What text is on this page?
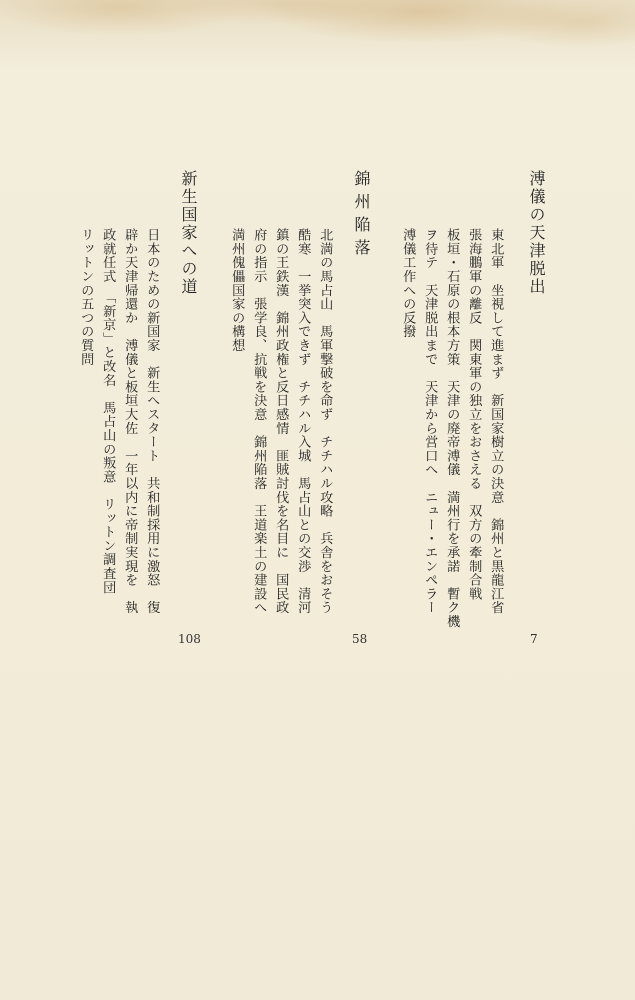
溥儀の天津脱出
東北軍　坐視して進まず　新国家樹立の決意　錦州と黒龍江省
張海鵬軍の離反　関東軍の独立をおさえる　双方の牽制合戦
板垣・石原の根本方策　天津の廃帝溥儀　満州行を承諾　暫ク機
ヲ待テ　天津脱出まで　天津から営口へ　ニュー・エンペラー
溥儀工作への反撥
7
錦州陥落
北満の馬占山　馬軍撃破を命ず　チチハル攻略　兵舎をおそう
酷寒　一挙突入できず　チチハル入城　馬占山との交渉　清河
鎮の王鉄漢　錦州政権と反日感情　匪賊討伐を名目に　国民政
府の指示　張学良、抗戦を決意　錦州陥落　王道楽土の建設へ
満州傀儡国家の構想
58
新生国家への道
日本のための新国家　新生へスタート　共和制採用に激怒　復
辟か天津帰還か　溥儀と板垣大佐　一年以内に帝制実現を　執
政就任式　「新京」と改名　馬占山の叛意　リットン調査団
リットンの五つの質問
108
